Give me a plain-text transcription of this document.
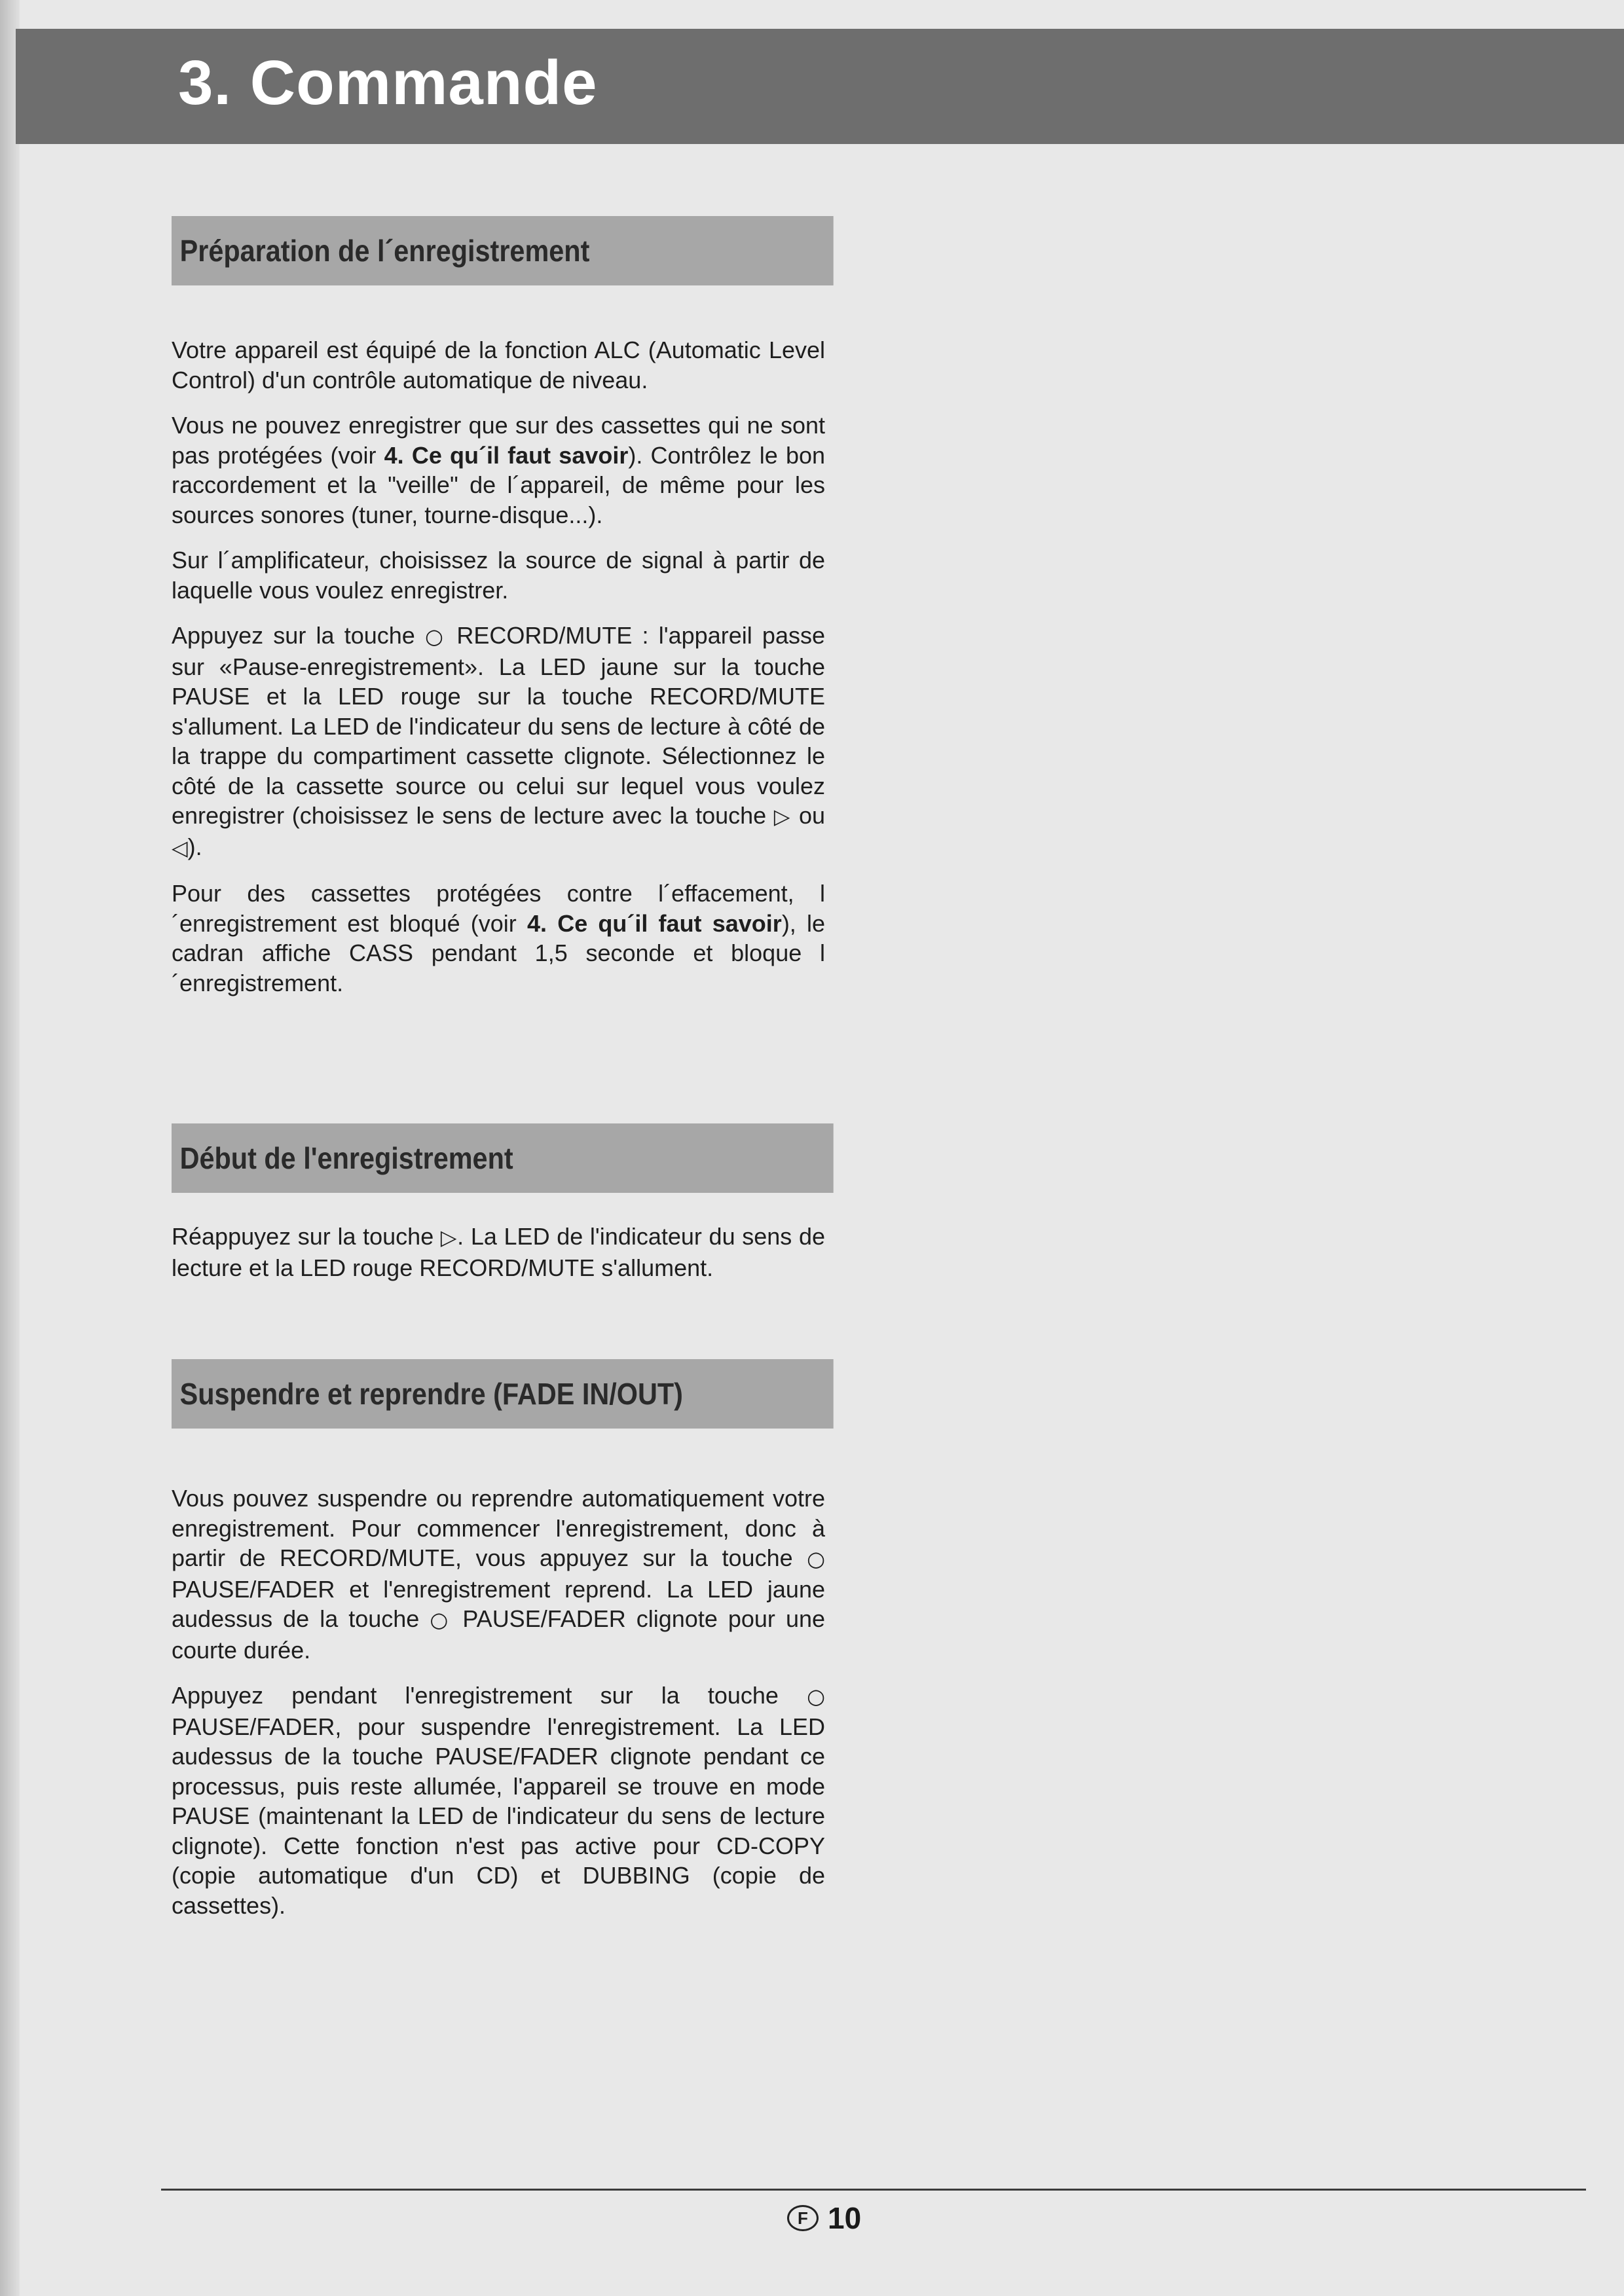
3. Commande
Préparation de l´enregistrement

Votre appareil est équipé de la fonction ALC (Automatic Level Control) d'un contrôle automatique de niveau.

Vous ne pouvez enregistrer que sur des cassettes qui ne sont pas protégées (voir 4. Ce qu´il faut savoir). Contrôlez le bon raccordement et la "veille" de l´appareil, de même pour les sources sonores (tuner, tourne-disque...).

Sur l´amplificateur, choisissez la source de signal à partir de laquelle vous voulez enregistrer.

Appuyez sur la touche ○ RECORD/MUTE : l'appareil passe sur «Pause-enregistrement». La LED jaune sur la touche PAUSE et la LED rouge sur la touche RECORD/MUTE s'allument. La LED de l'indicateur du sens de lecture à côté de la trappe du compartiment cassette clignote. Sélectionnez le côté de la cassette source ou celui sur lequel vous voulez enregistrer (choisissez le sens de lecture avec la touche ▷ ou ◁).

Pour des cassettes protégées contre l´effacement, l´enregistrement est bloqué (voir 4. Ce qu´il faut savoir), le cadran affiche CASS pendant 1,5 seconde et bloque l´enregistrement.

Début de l'enregistrement

Réappuyez sur la touche ▷. La LED de l'indicateur du sens de lecture et la LED rouge RECORD/MUTE s'allument.

Suspendre et reprendre (FADE IN/OUT)

Vous pouvez suspendre ou reprendre automatiquement votre enregistrement. Pour commencer l'enregistrement, donc à partir de RECORD/MUTE, vous appuyez sur la touche ○ PAUSE/FADER et l'enregistrement reprend. La LED jaune audessus de la touche ○ PAUSE/FADER clignote pour une courte durée.

Appuyez pendant l'enregistrement sur la touche ○ PAUSE/FADER, pour suspendre l'enregistrement. La LED audessus de la touche PAUSE/FADER clignote pendant ce processus, puis reste allumée, l'appareil se trouve en mode PAUSE (maintenant la LED de l'indicateur du sens de lecture clignote). Cette fonction n'est pas active pour CD-COPY (copie automatique d'un CD) et DUBBING (copie de cassettes).

F 10
